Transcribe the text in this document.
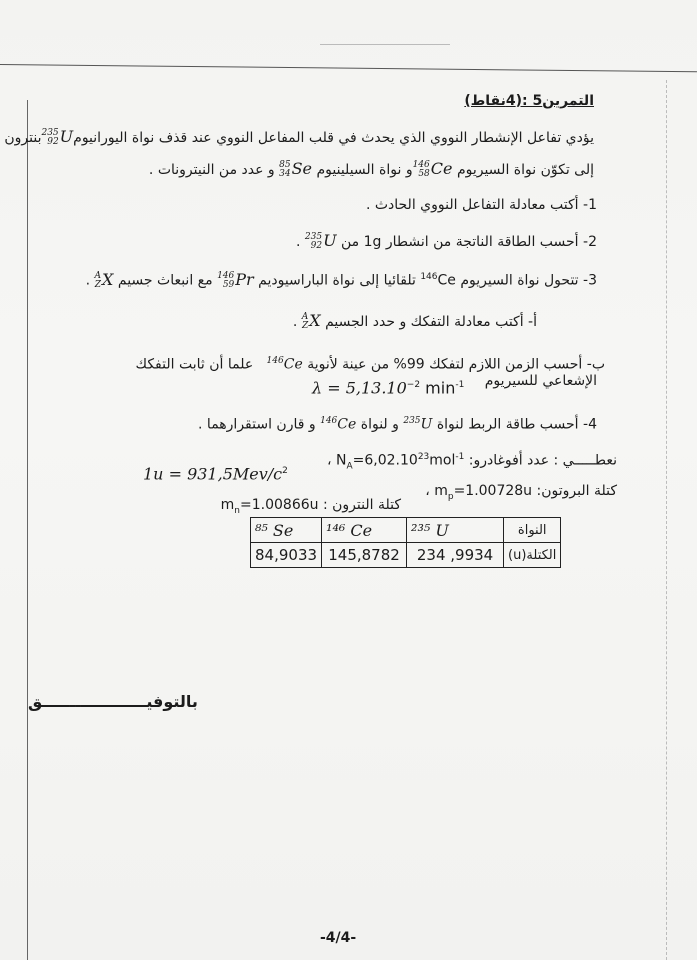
التمرين5 :(4نقاط)
يؤدي تفاعل الإنشطار النووي الذي يحدث في قلب المفاعل النووي عند قذف نواة اليورانيوم
235
92 Uبنترون
إلى تكوّن نواة السيريوم
146
58 Ceو نواة السيلينيوم
85
34 Se و عدد من النيترونات .
1- أكتب معادلة التفاعل النووي الحادث .
2- أحسب الطاقة الناتجة من انشطار 1g من
235
92 U .
3- تتحول نواة السيريوم $^{146}$Ce تلقائيا إلى نواة الباراسيوديم
146
59 Pr مع انبعاث جسيم
A
Z X .
أ- أكتب معادلة التفكك و حدد الجسيم
A
Z X .
ب- أحسب الزمن اللازم لتفكك 99% من عينة لأنوية $^{146}$Ce   علما أن ثابت التفكك
الإشعاعي للسيريوم
$\lambda = 5,13.10^{-2}$ $\min^{-1}$
4- أحسب طاقة الربط لنواة $^{235}$U و لنواة $^{146}$Ce و قارن استقرارهما .
نعطـــــي : عدد أفوغادرو: $N_A=6,02.10^{23}mol^{-1}$ ،
$1u = 931,5Mev/c^2$
كتلة البروتون: $m_p=1.00728u$ ،
كتلة النترون : $m_n=1.00866u$
النواة	²³⁵ U	¹⁴⁶ Ce	⁸⁵ Se
الكتلة(u)	234 ,9934	145,8782	84,9033
بالتوفيـــــــــــــــــــق
-4/4-
